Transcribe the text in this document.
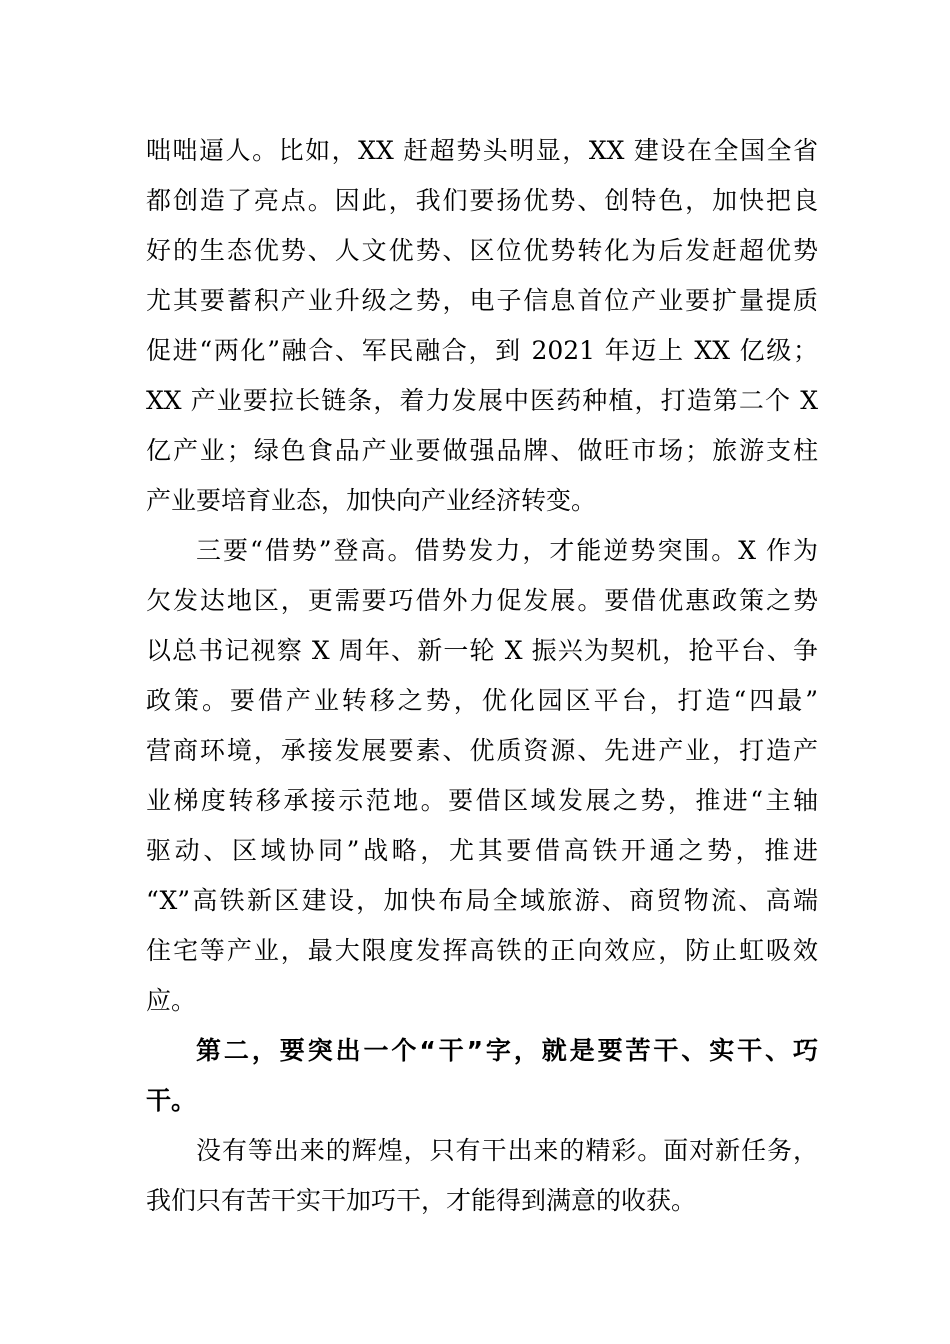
咄咄逼人。比如，XX 赶超势头明显，XX 建设在全国全省
都创造了亮点。因此，我们要扬优势、创特色，加快把良
好的生态优势、人文优势、区位优势转化为后发赶超优势
尤其要蓄积产业升级之势，电子信息首位产业要扩量提质
促进“两化”融合、军民融合，到 2021 年迈上 XX 亿级；
XX 产业要拉长链条，着力发展中医药种植，打造第二个 X
亿产业；绿色食品产业要做强品牌、做旺市场；旅游支柱
产业要培育业态，加快向产业经济转变。
三要“借势”登高。借势发力，才能逆势突围。X 作为
欠发达地区，更需要巧借外力促发展。要借优惠政策之势
以总书记视察 X 周年、新一轮 X 振兴为契机，抢平台、争
政策。要借产业转移之势，优化园区平台，打造“四最”
营商环境，承接发展要素、优质资源、先进产业，打造产
业梯度转移承接示范地。要借区域发展之势，推进“主轴
驱动、区域协同”战略，尤其要借高铁开通之势，推进
“X”高铁新区建设，加快布局全域旅游、商贸物流、高端
住宅等产业，最大限度发挥高铁的正向效应，防止虹吸效
应。
第二，要突出一个“干”字，就是要苦干、实干、巧
干。
没有等出来的辉煌，只有干出来的精彩。面对新任务，
我们只有苦干实干加巧干，才能得到满意的收获。
